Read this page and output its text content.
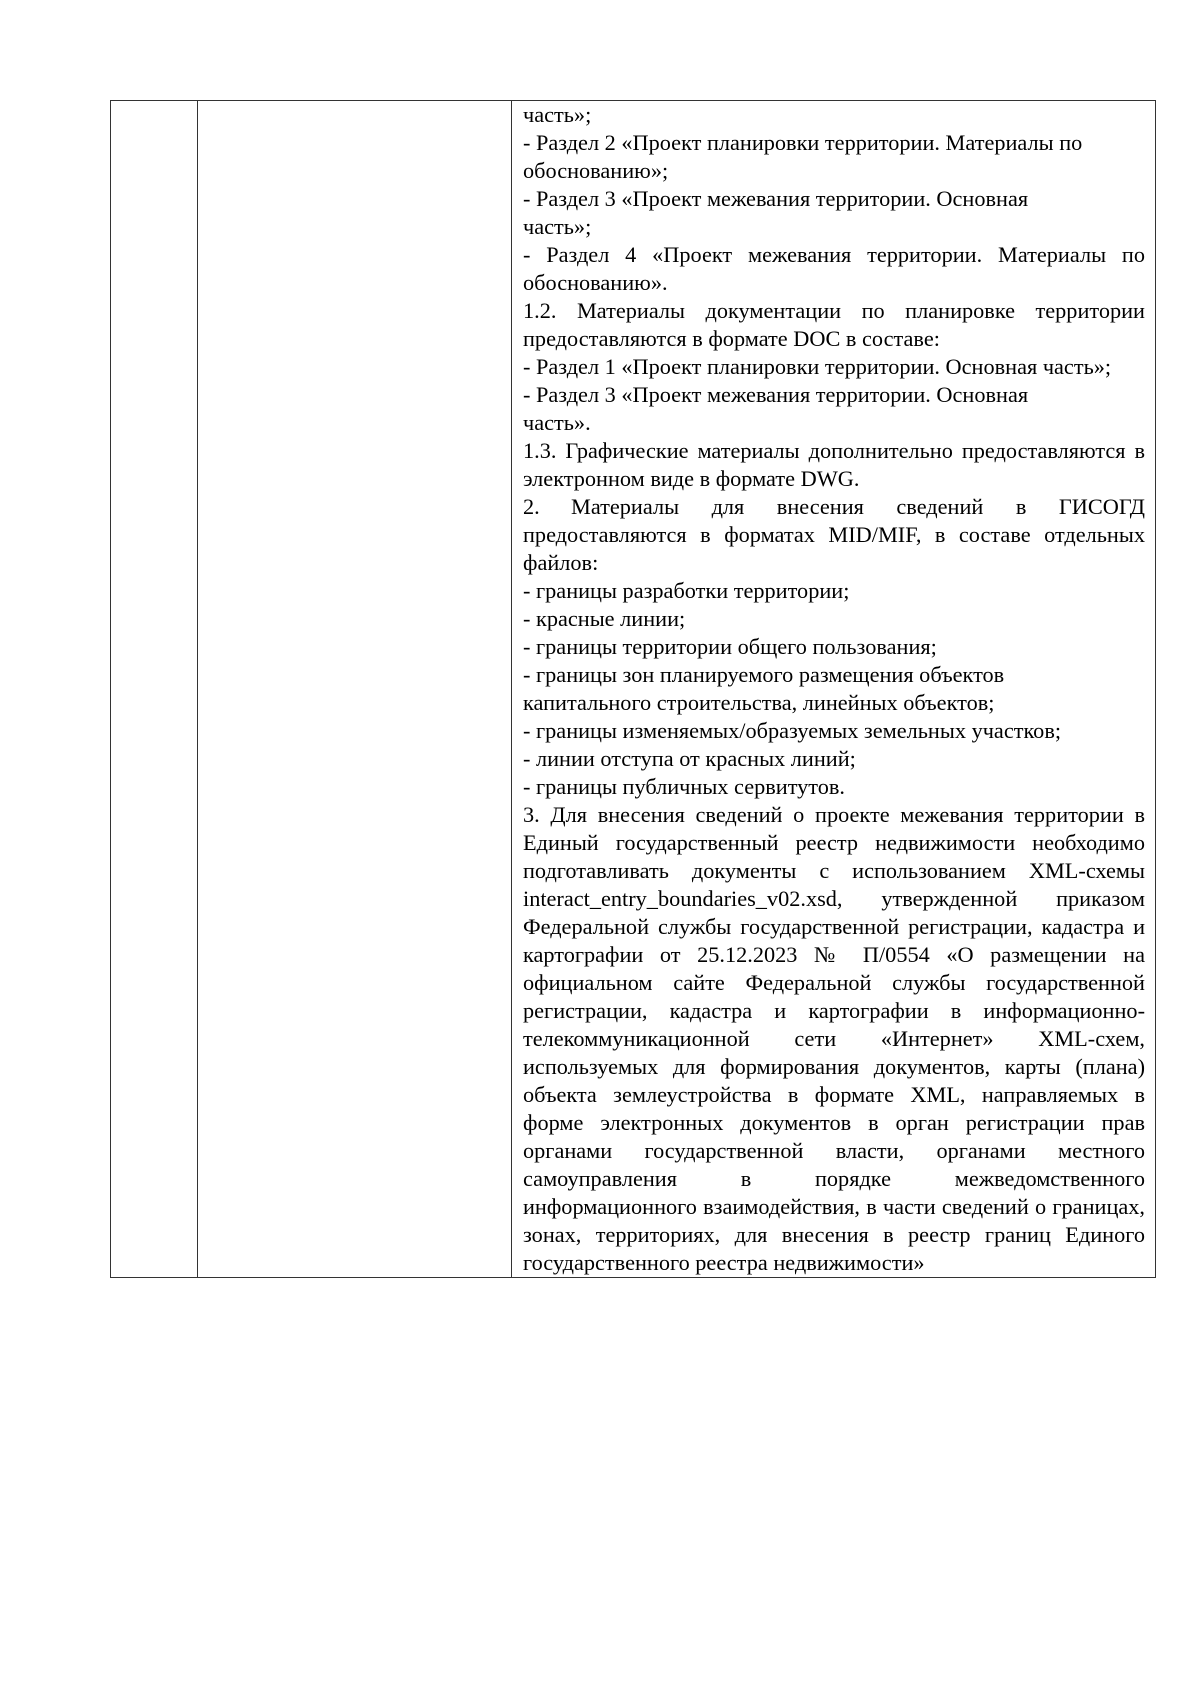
часть»;

- Раздел 2 «Проект планировки территории. Материалы по обоснованию»;

- Раздел 3 «Проект межевания территории. Основная часть»;

- Раздел 4 «Проект межевания территории. Материалы по обоснованию».

1.2. Материалы документации по планировке территории предоставляются в формате DOC в составе:

- Раздел 1 «Проект планировки территории. Основная часть»;

- Раздел 3 «Проект межевания территории. Основная часть».

1.3. Графические материалы дополнительно предоставляются в электронном виде в формате DWG.

2. Материалы для внесения сведений в ГИСОГД предоставляются в форматах MID/MIF, в составе отдельных файлов:

- границы разработки территории;

- красные линии;

- границы территории общего пользования;

- границы зон планируемого размещения объектов капитального строительства, линейных объектов;

- границы изменяемых/образуемых земельных участков;

- линии отступа от красных линий;

- границы публичных сервитутов.

3. Для внесения сведений о проекте межевания территории в Единый государственный реестр недвижимости необходимо подготавливать документы с использованием XML-схемы interact_entry_boundaries_v02.xsd, утвержденной приказом Федеральной службы государственной регистрации, кадастра и картографии от 25.12.2023 № П/0554 «О размещении на официальном сайте Федеральной службы государственной регистрации, кадастра и картографии в информационно-телекоммуникационной сети «Интернет» XML-схем, используемых для формирования документов, карты (плана) объекта землеустройства в формате XML, направляемых в форме электронных документов в орган регистрации прав органами государственной власти, органами местного самоуправления в порядке межведомственного информационного взаимодействия, в части сведений о границах, зонах, территориях, для внесения в реестр границ Единого государственного реестра недвижимости»
